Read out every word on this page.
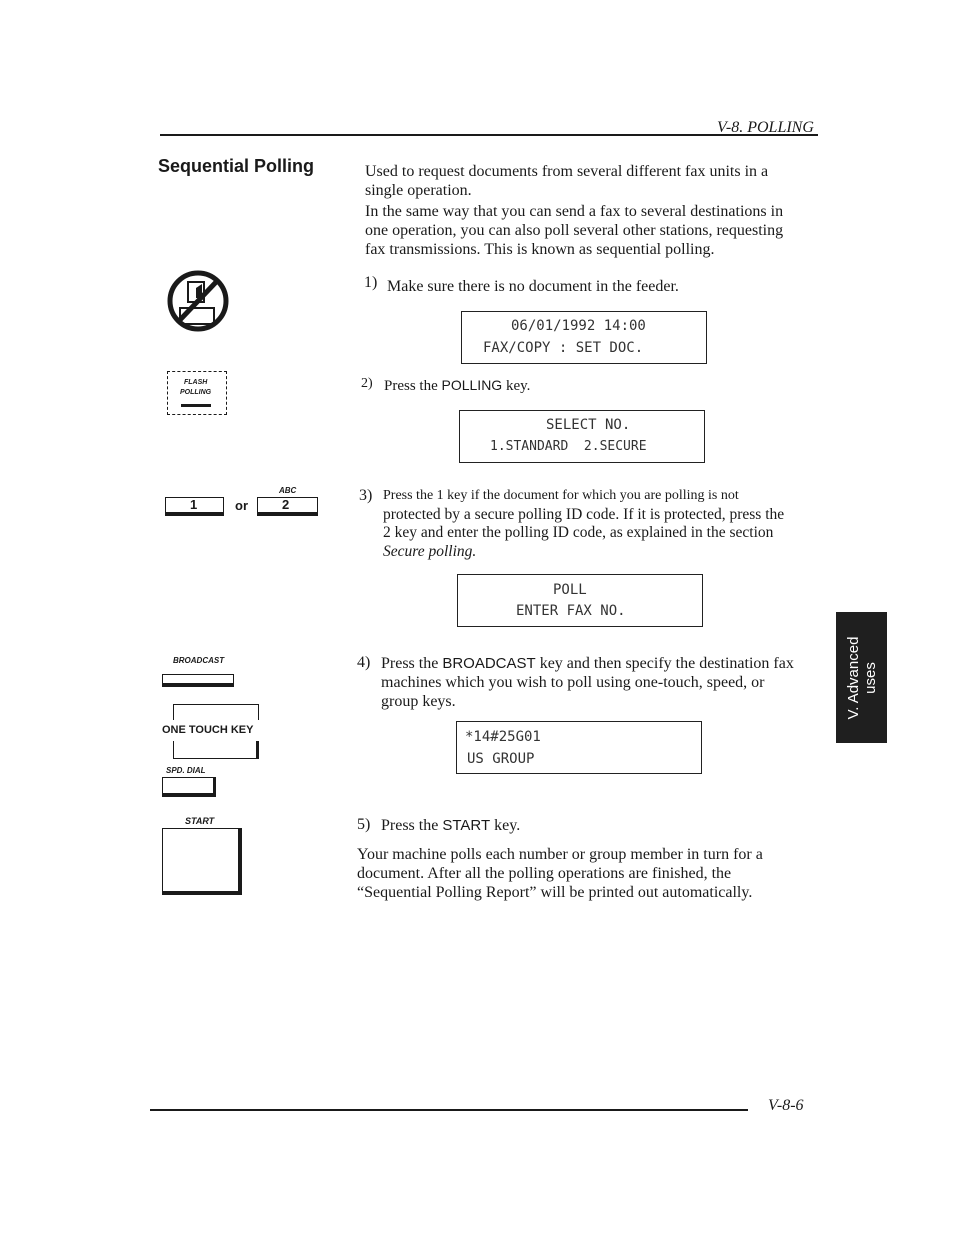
V-8. POLLING
Sequential Polling	Used to request documents from several different fax units in a
single operation.
In the same way that you can send a fax to several destinations in
one operation, you can also poll several other stations, requesting
fax transmissions. This is known as sequential polling.
1) Make sure there is no document in the feeder.
06/01/1992 14:00
FAX/COPY : SET DOC.
FLASH
POLLING
2) Press the POLLING key.
SELECT NO.
1.STANDARD  2.SECURE
1	or
ABC
2
3) Press the 1 key if the document for which you are polling is not
protected by a secure polling ID code. If it is protected, press the
2 key and enter the polling ID code, as explained in the section
Secure polling.
POLL
ENTER FAX NO.
BROADCAST
ONE TOUCH KEY
SPD. DIAL
4) Press the BROADCAST key and then specify the destination fax
machines which you wish to poll using one-touch, speed, or
group keys.
*14#25G01
US GROUP
START	5) Press the START key.
Your machine polls each number or group member in turn for a
document. After all the polling operations are finished, the
“Sequential Polling Report” will be printed out automatically.
V. Advanced uses
V-8-6
